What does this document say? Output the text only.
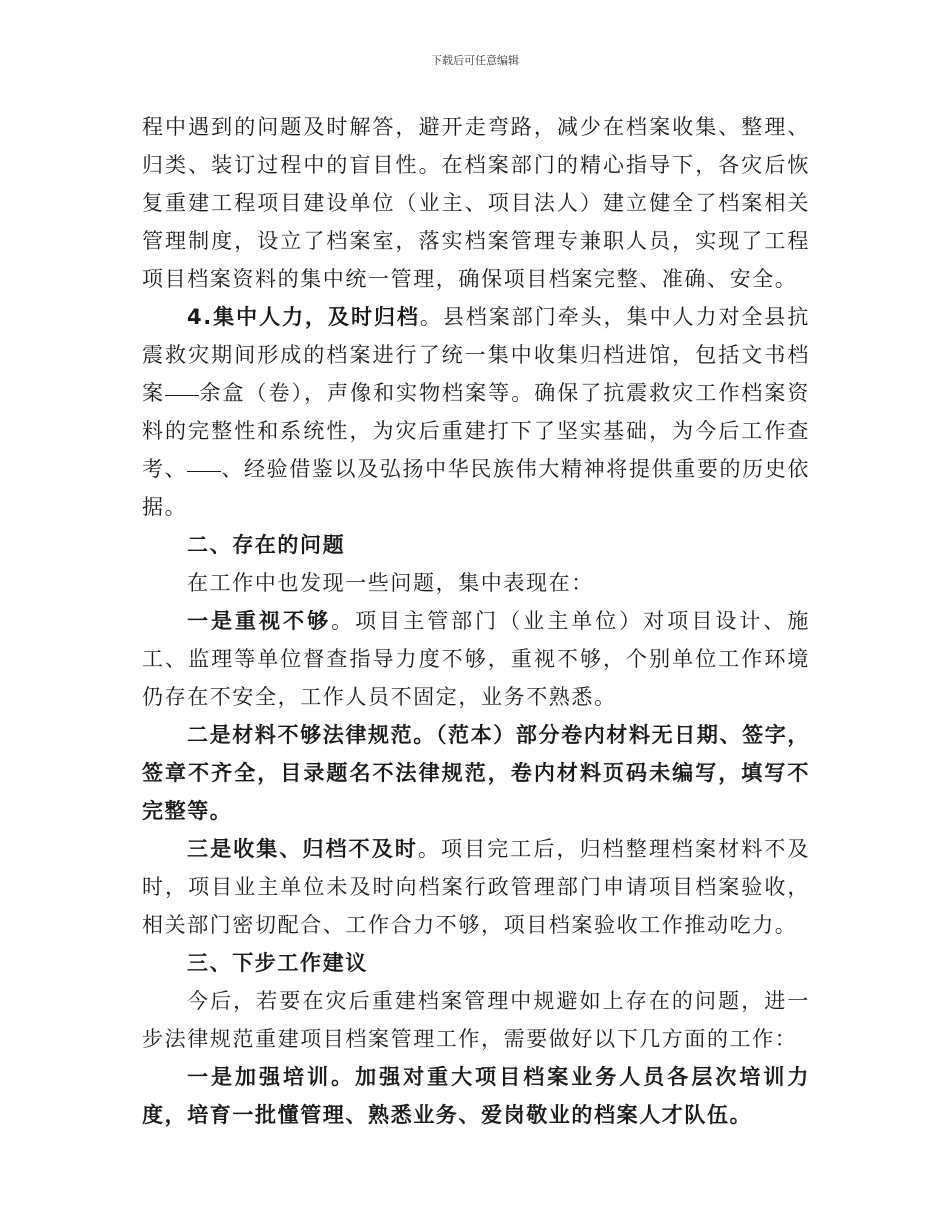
下载后可任意编辑

程中遇到的问题及时解答，避开走弯路，减少在档案收集、整理、归类、装订过程中的盲目性。在档案部门的精心指导下，各灾后恢复重建工程项目建设单位（业主、项目法人）建立健全了档案相关管理制度，设立了档案室，落实档案管理专兼职人员，实现了工程项目档案资料的集中统一管理，确保项目档案完整、准确、安全。

4.集中人力，及时归档。县档案部门牵头，集中人力对全县抗震救灾期间形成的档案进行了统一集中收集归档进馆，包括文书档案 余盒（卷），声像和实物档案等。确保了抗震救灾工作档案资料的完整性和系统性，为灾后重建打下了坚实基础，为今后工作查考、 、经验借鉴以及弘扬中华民族伟大精神将提供重要的历史依据。

二、存在的问题

在工作中也发现一些问题，集中表现在：

一是重视不够。项目主管部门（业主单位）对项目设计、施工、监理等单位督查指导力度不够，重视不够，个别单位工作环境仍存在不安全，工作人员不固定，业务不熟悉。

二是材料不够法律规范。（范本）部分卷内材料无日期、签字，签章不齐全，目录题名不法律规范，卷内材料页码未编写，填写不完整等。

三是收集、归档不及时。项目完工后，归档整理档案材料不及时，项目业主单位未及时向档案行政管理部门申请项目档案验收，相关部门密切配合、工作合力不够，项目档案验收工作推动吃力。

三、下步工作建议

今后，若要在灾后重建档案管理中规避如上存在的问题，进一步法律规范重建项目档案管理工作，需要做好以下几方面的工作：

一是加强培训。加强对重大项目档案业务人员各层次培训力度，培育一批懂管理、熟悉业务、爱岗敬业的档案人才队伍。
